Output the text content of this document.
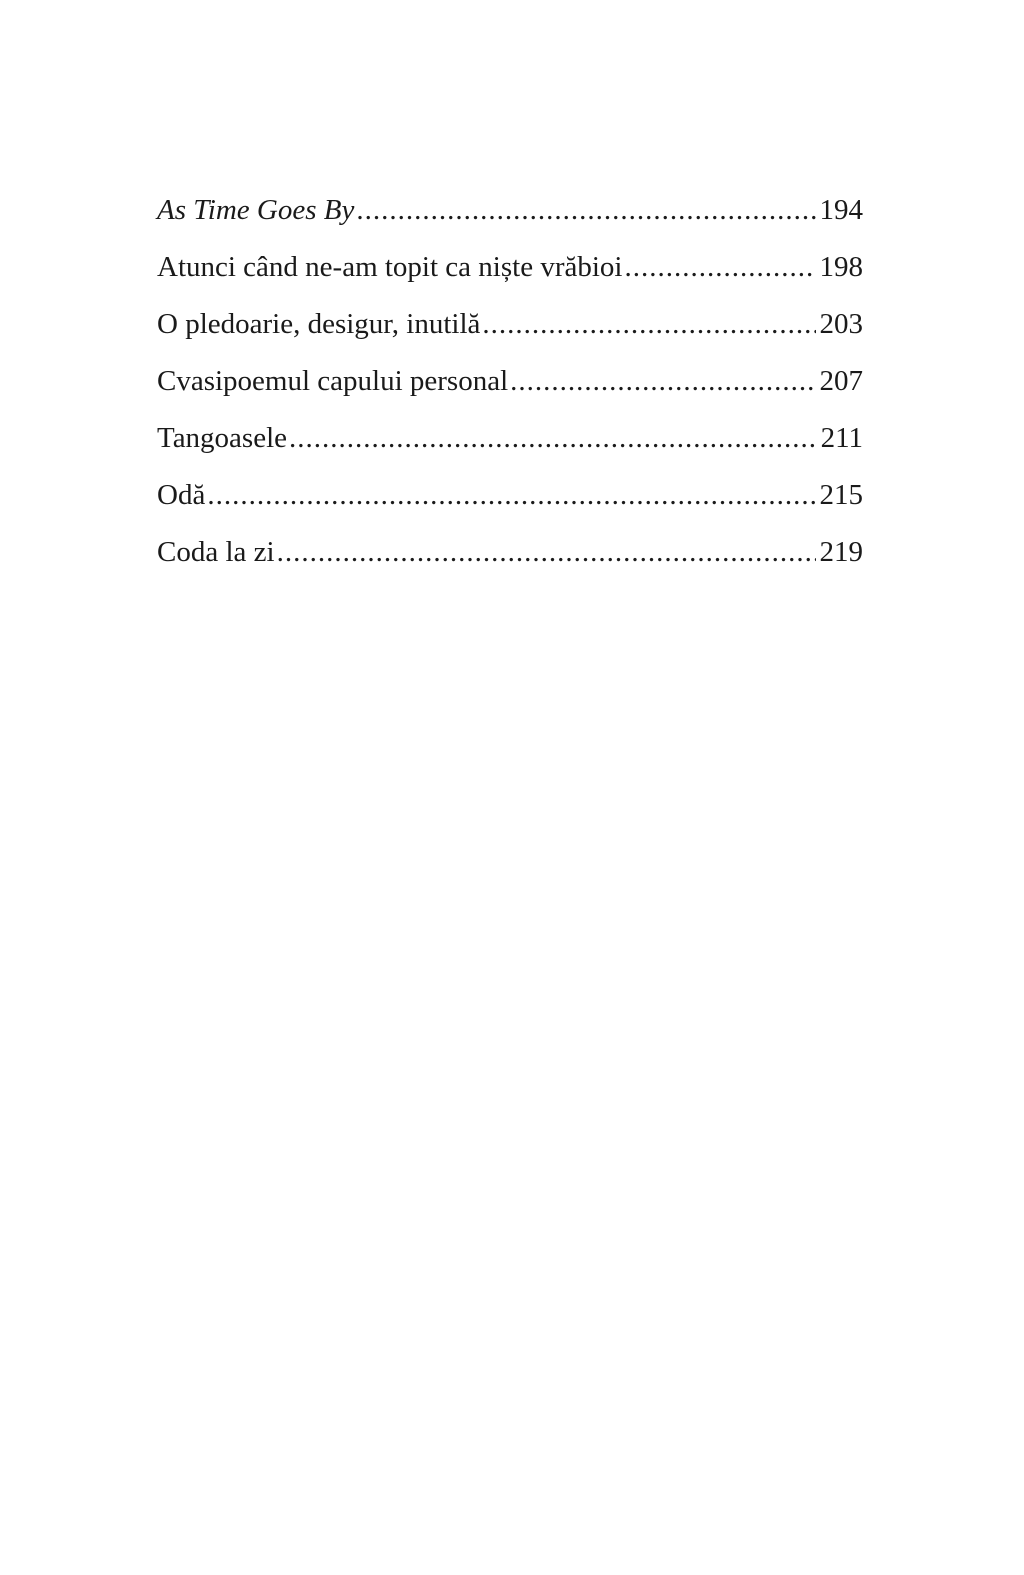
As Time Goes By .....	194
Atunci când ne-am topit ca niște vrăbioi .....	198
O pledoarie, desigur, inutilă .....	203
Cvasipoemul capului personal .....	207
Tangoasele .....	211
Odă .....	215
Coda la zi .....	219
